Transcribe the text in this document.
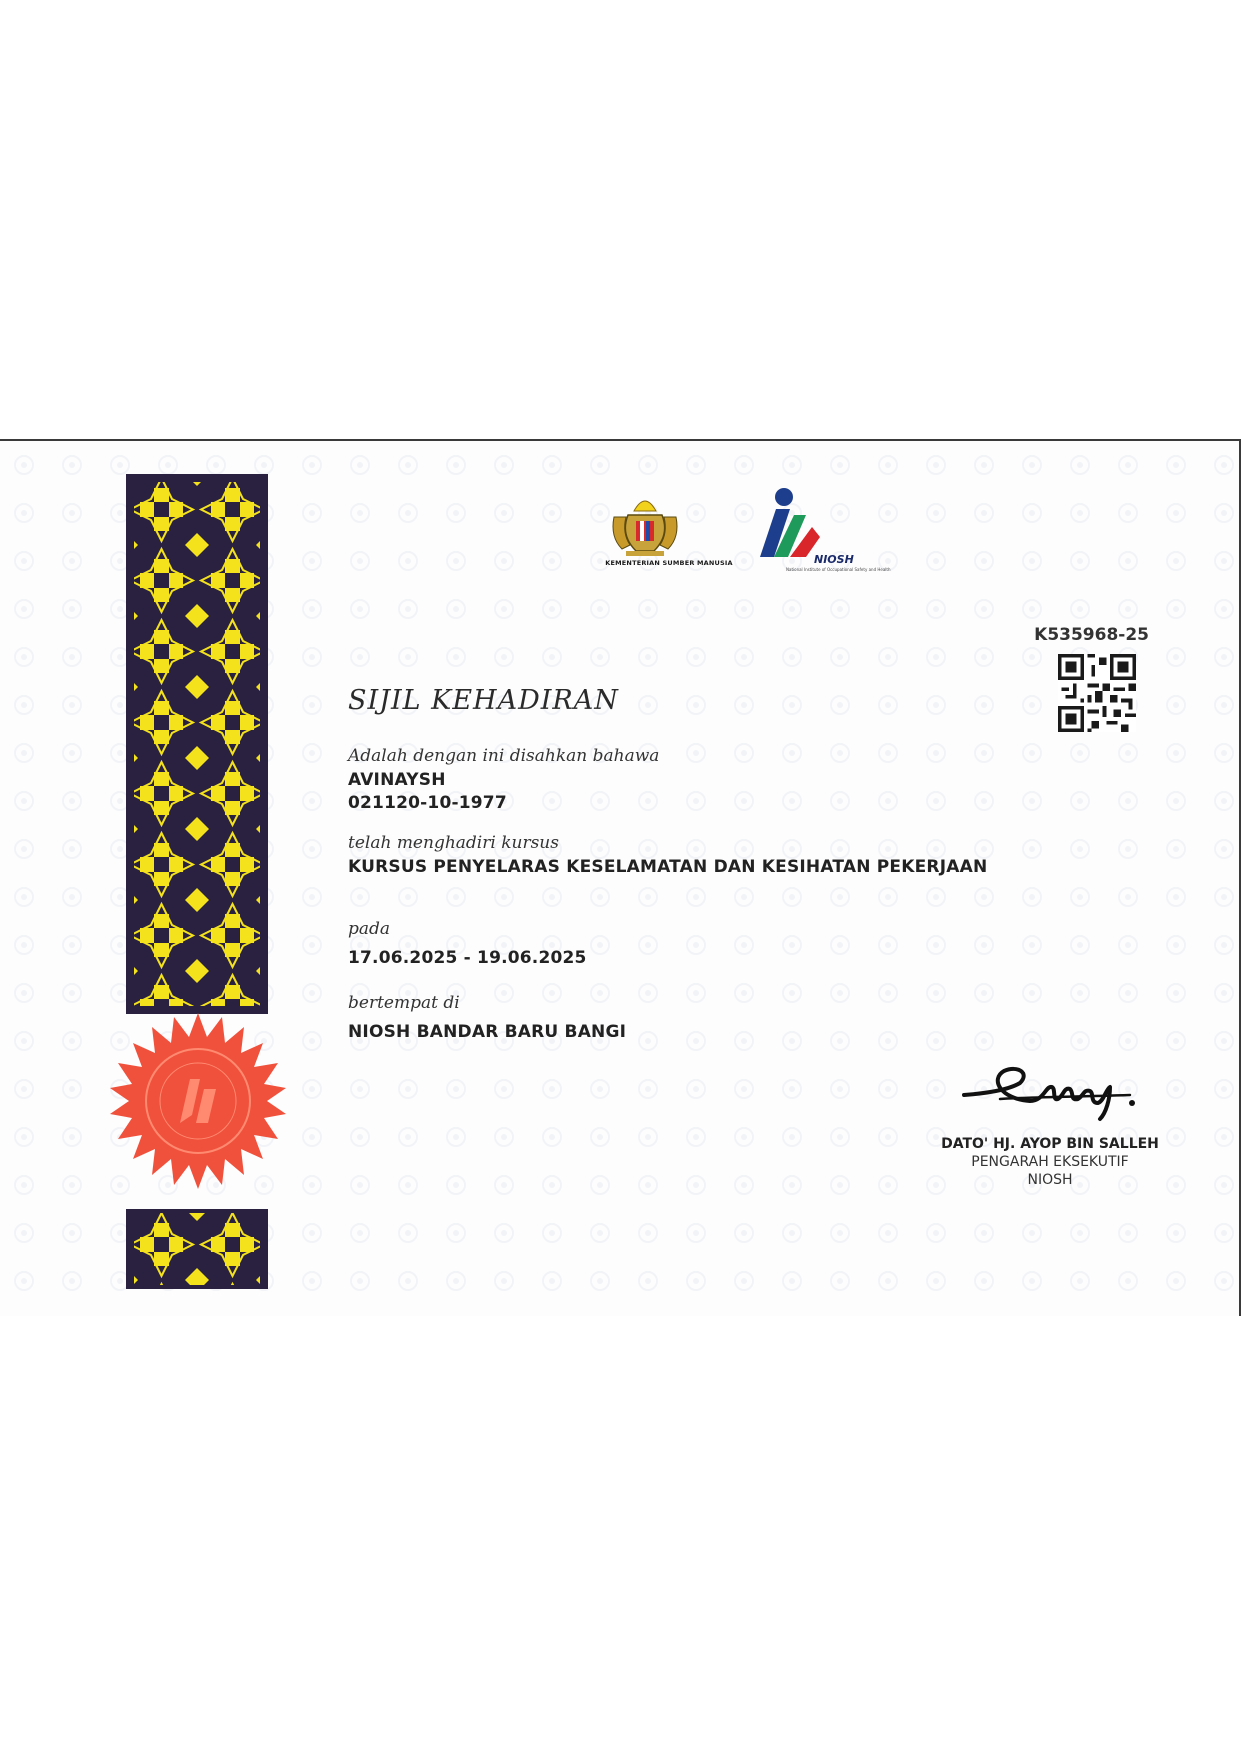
KEMENTERIAN SUMBER MANUSIA	NIOSH
National Institute of Occupational Safety and Health
K535968-25
SIJIL KEHADIRAN
Adalah dengan ini disahkan bahawa
AVINAYSH
021120-10-1977
telah menghadiri kursus
KURSUS PENYELARAS KESELAMATAN DAN KESIHATAN PEKERJAAN
pada
17.06.2025 - 19.06.2025
bertempat di
NIOSH BANDAR BARU BANGI
DATO' HJ. AYOP BIN SALLEH
PENGARAH EKSEKUTIF
NIOSH
